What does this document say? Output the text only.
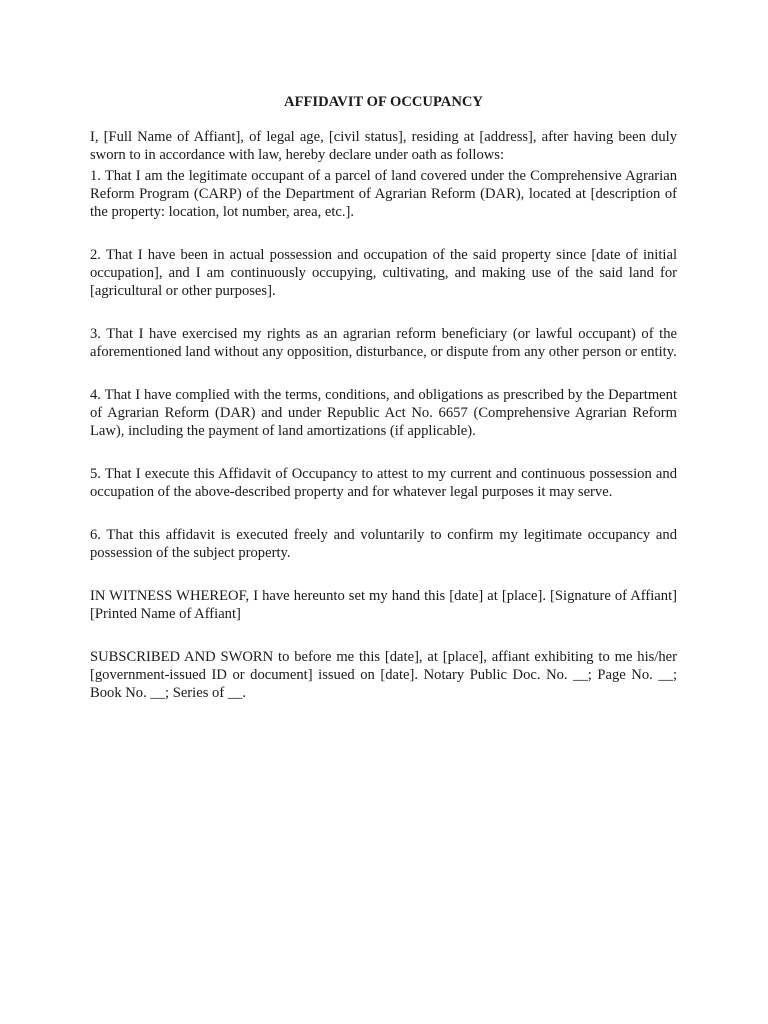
AFFIDAVIT OF OCCUPANCY

I, [Full Name of Affiant], of legal age, [civil status], residing at [address], after having been duly sworn to in accordance with law, hereby declare under oath as follows:

1. That I am the legitimate occupant of a parcel of land covered under the Comprehensive Agrarian Reform Program (CARP) of the Department of Agrarian Reform (DAR), located at [description of the property: location, lot number, area, etc.].

2. That I have been in actual possession and occupation of the said property since [date of initial occupation], and I am continuously occupying, cultivating, and making use of the said land for [agricultural or other purposes].

3. That I have exercised my rights as an agrarian reform beneficiary (or lawful occupant) of the aforementioned land without any opposition, disturbance, or dispute from any other person or entity.

4. That I have complied with the terms, conditions, and obligations as prescribed by the Department of Agrarian Reform (DAR) and under Republic Act No. 6657 (Comprehensive Agrarian Reform Law), including the payment of land amortizations (if applicable).

5. That I execute this Affidavit of Occupancy to attest to my current and continuous possession and occupation of the above-described property and for whatever legal purposes it may serve.

6. That this affidavit is executed freely and voluntarily to confirm my legitimate occupancy and possession of the subject property.

IN WITNESS WHEREOF, I have hereunto set my hand this [date] at [place]. [Signature of Affiant] [Printed Name of Affiant]

SUBSCRIBED AND SWORN to before me this [date], at [place], affiant exhibiting to me his/her [government-issued ID or document] issued on [date]. Notary Public Doc. No. __; Page No. __; Book No. __; Series of __.
